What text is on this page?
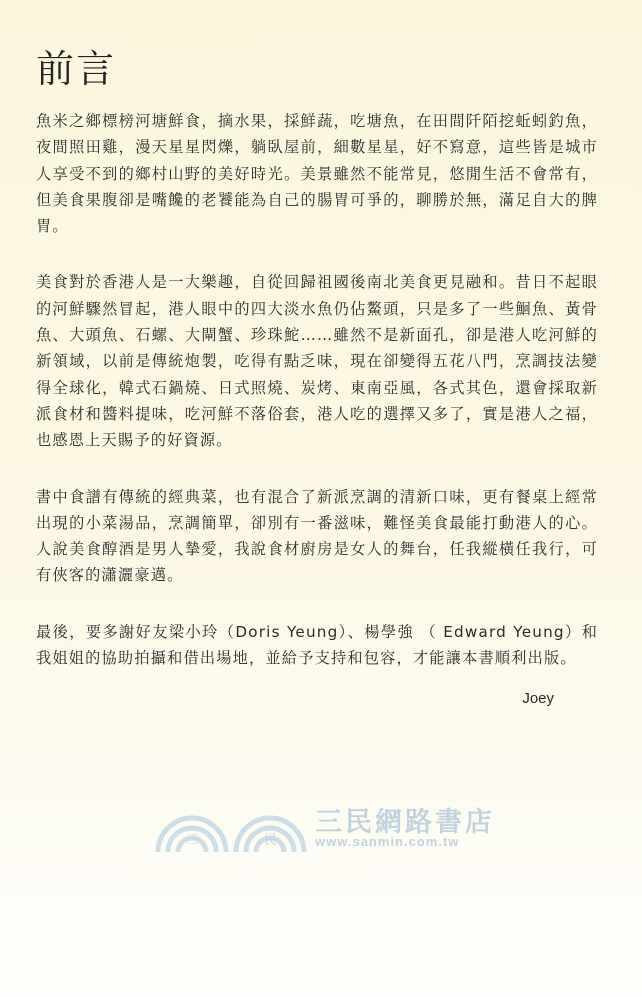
前言

魚米之鄉標榜河塘鮮食，摘水果，採鮮蔬，吃塘魚，在田間阡陌挖蚯蚓釣魚，夜間照田雞，漫天星星閃爍，躺臥屋前，細數星星，好不寫意，這些皆是城市人享受不到的鄉村山野的美好時光。美景雖然不能常見，悠閒生活不會常有，但美食果腹卻是嘴饞的老饕能為自己的腸胃可爭的，聊勝於無，滿足自大的脾胃。

美食對於香港人是一大樂趣，自從回歸祖國後南北美食更見融和。昔日不起眼的河鮮驟然冒起，港人眼中的四大淡水魚仍佔鰲頭，只是多了一些鮰魚、黃骨魚、大頭魚、石螺、大閘蟹、珍珠鮀……雖然不是新面孔，卻是港人吃河鮮的新領域，以前是傳統炮製，吃得有點乏味，現在卻變得五花八門，烹調技法變得全球化，韓式石鍋燒、日式照燒、炭烤、東南亞風，各式其色，還會採取新派食材和醬料提味，吃河鮮不落俗套，港人吃的選擇又多了，實是港人之福，也感恩上天賜予的好資源。

書中食譜有傳統的經典菜，也有混合了新派烹調的清新口味，更有餐桌上經常出現的小菜湯品，烹調簡單，卻別有一番滋味，難怪美食最能打動港人的心。人說美食醇酒是男人摯愛，我說食材廚房是女人的舞台，任我縱橫任我行，可有俠客的瀟灑豪邁。

最後，要多謝好友梁小玲（Doris Yeung）、楊學強 （ Edward Yeung）和我姐姐的協助拍攝和借出場地，並給予支持和包容，才能讓本書順利出版。

Joey
三	民
三民網路書店
www.sanmin.com.tw
